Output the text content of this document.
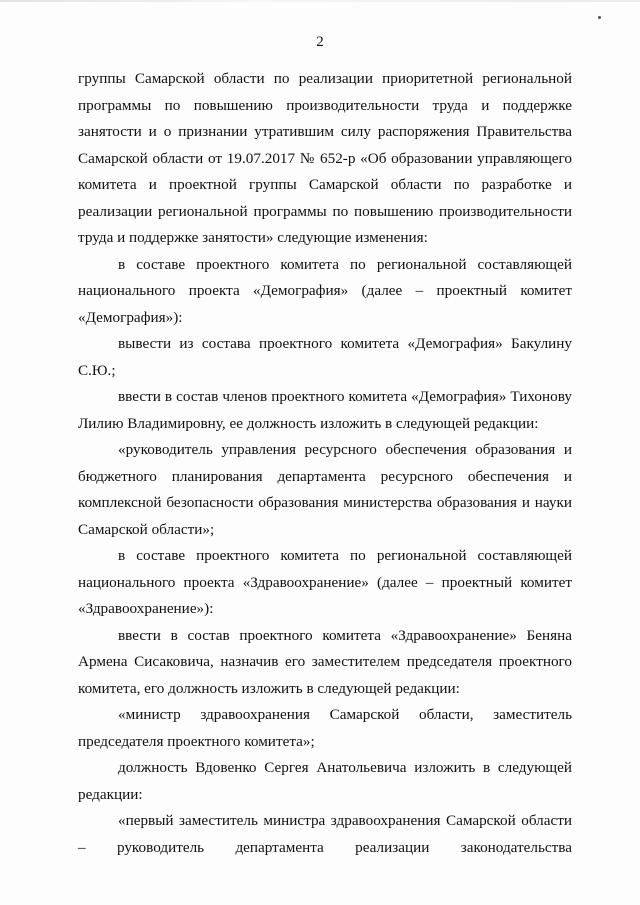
2

группы Самарской области по реализации приоритетной региональной программы по повышению производительности труда и поддержке занятости и о признании утратившим силу распоряжения Правительства Самарской области от 19.07.2017 № 652-р «Об образовании управляющего комитета и проектной группы Самарской области по разработке и реализации региональной программы по повышению производительности труда и поддержке занятости» следующие изменения:

в составе проектного комитета по региональной составляющей национального проекта «Демография» (далее – проектный комитет «Демография»):

вывести из состава проектного комитета «Демография» Бакулину С.Ю.;

ввести в состав членов проектного комитета «Демография» Тихонову Лилию Владимировну, ее должность изложить в следующей редакции:

«руководитель управления ресурсного обеспечения образования и бюджетного планирования департамента ресурсного обеспечения и комплексной безопасности образования министерства образования и науки Самарской области»;

в составе проектного комитета по региональной составляющей национального проекта «Здравоохранение» (далее – проектный комитет «Здравоохранение»):

ввести в состав проектного комитета «Здравоохранение» Беняна Армена Сисаковича, назначив его заместителем председателя проектного комитета, его должность изложить в следующей редакции:

«министр здравоохранения Самарской области, заместитель председателя проектного комитета»;

должность Вдовенко Сергея Анатольевича изложить в следующей редакции:

«первый заместитель министра здравоохранения Самарской области – руководитель департамента реализации законодательства
